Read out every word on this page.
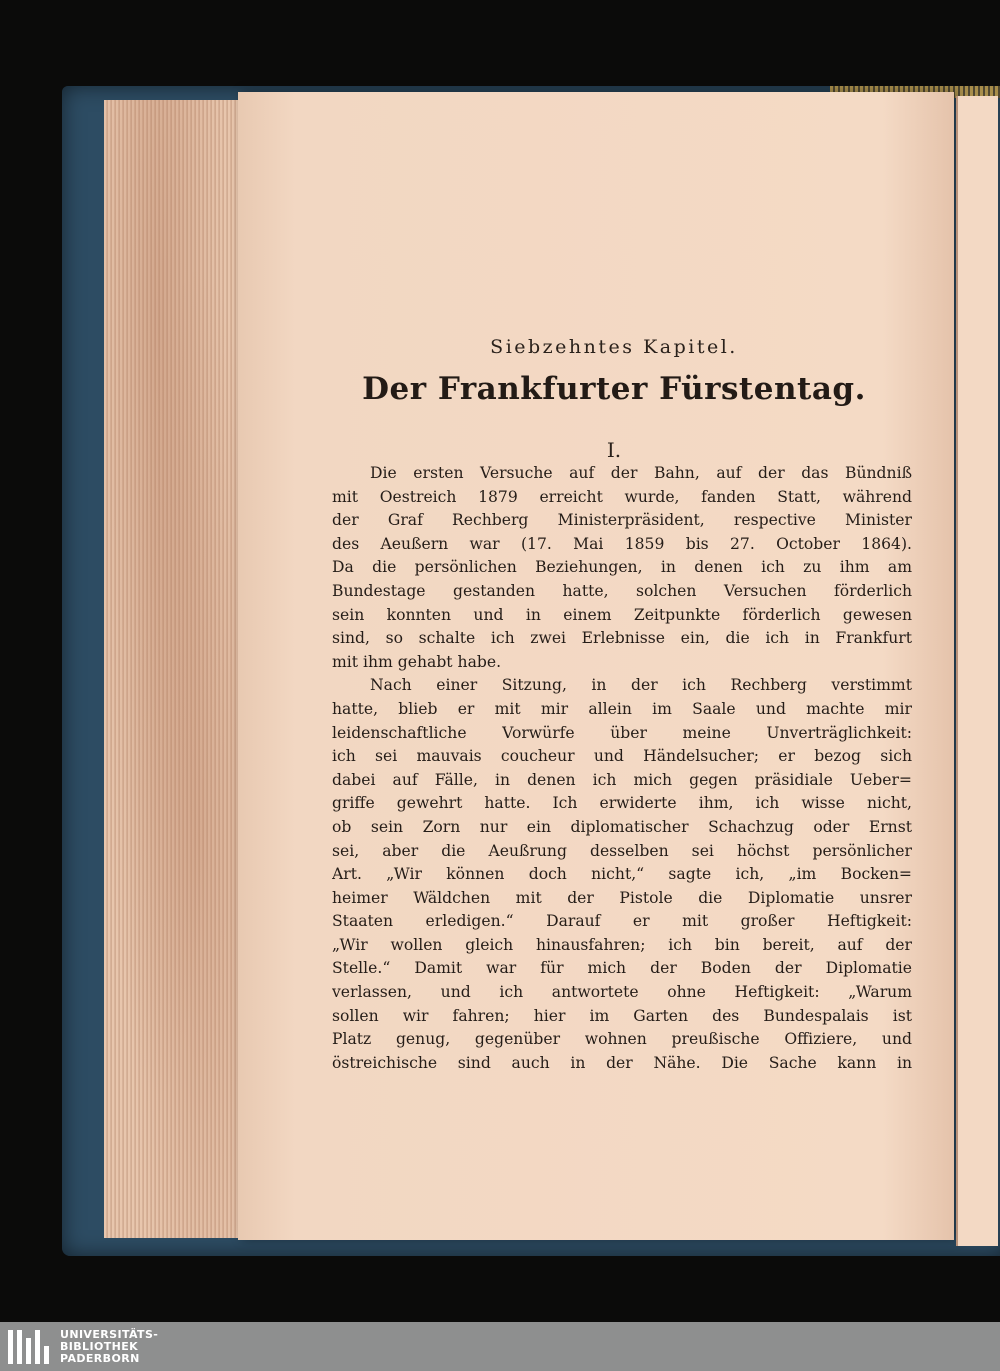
Siebzehntes Kapitel.
Der Frankfurter Fürstentag.
I.
Die ersten Versuche auf der Bahn, auf der das Bündniß
mit Oestreich 1879 erreicht wurde, fanden Statt, während
der Graf Rechberg Ministerpräsident, respective Minister
des Aeußern war (17. Mai 1859 bis 27. October 1864).
Da die persönlichen Beziehungen, in denen ich zu ihm am
Bundestage gestanden hatte, solchen Versuchen förderlich
sein konnten und in einem Zeitpunkte förderlich gewesen
sind, so schalte ich zwei Erlebnisse ein, die ich in Frankfurt
mit ihm gehabt habe.
Nach einer Sitzung, in der ich Rechberg verstimmt
hatte, blieb er mit mir allein im Saale und machte mir
leidenschaftliche Vorwürfe über meine Unverträglichkeit:
ich sei mauvais coucheur und Händelsucher; er bezog sich
dabei auf Fälle, in denen ich mich gegen präsidiale Ueber=
griffe gewehrt hatte. Ich erwiderte ihm, ich wisse nicht,
ob sein Zorn nur ein diplomatischer Schachzug oder Ernst
sei, aber die Aeußrung desselben sei höchst persönlicher
Art. „Wir können doch nicht,“ sagte ich, „im Bocken=
heimer Wäldchen mit der Pistole die Diplomatie unsrer
Staaten erledigen.“ Darauf er mit großer Heftigkeit:
„Wir wollen gleich hinausfahren; ich bin bereit, auf der
Stelle.“ Damit war für mich der Boden der Diplomatie
verlassen, und ich antwortete ohne Heftigkeit: „Warum
sollen wir fahren; hier im Garten des Bundespalais ist
Platz genug, gegenüber wohnen preußische Offiziere, und
östreichische sind auch in der Nähe. Die Sache kann in
UNIVERSITÄTS-
BIBLIOTHEK
PADERBORN
